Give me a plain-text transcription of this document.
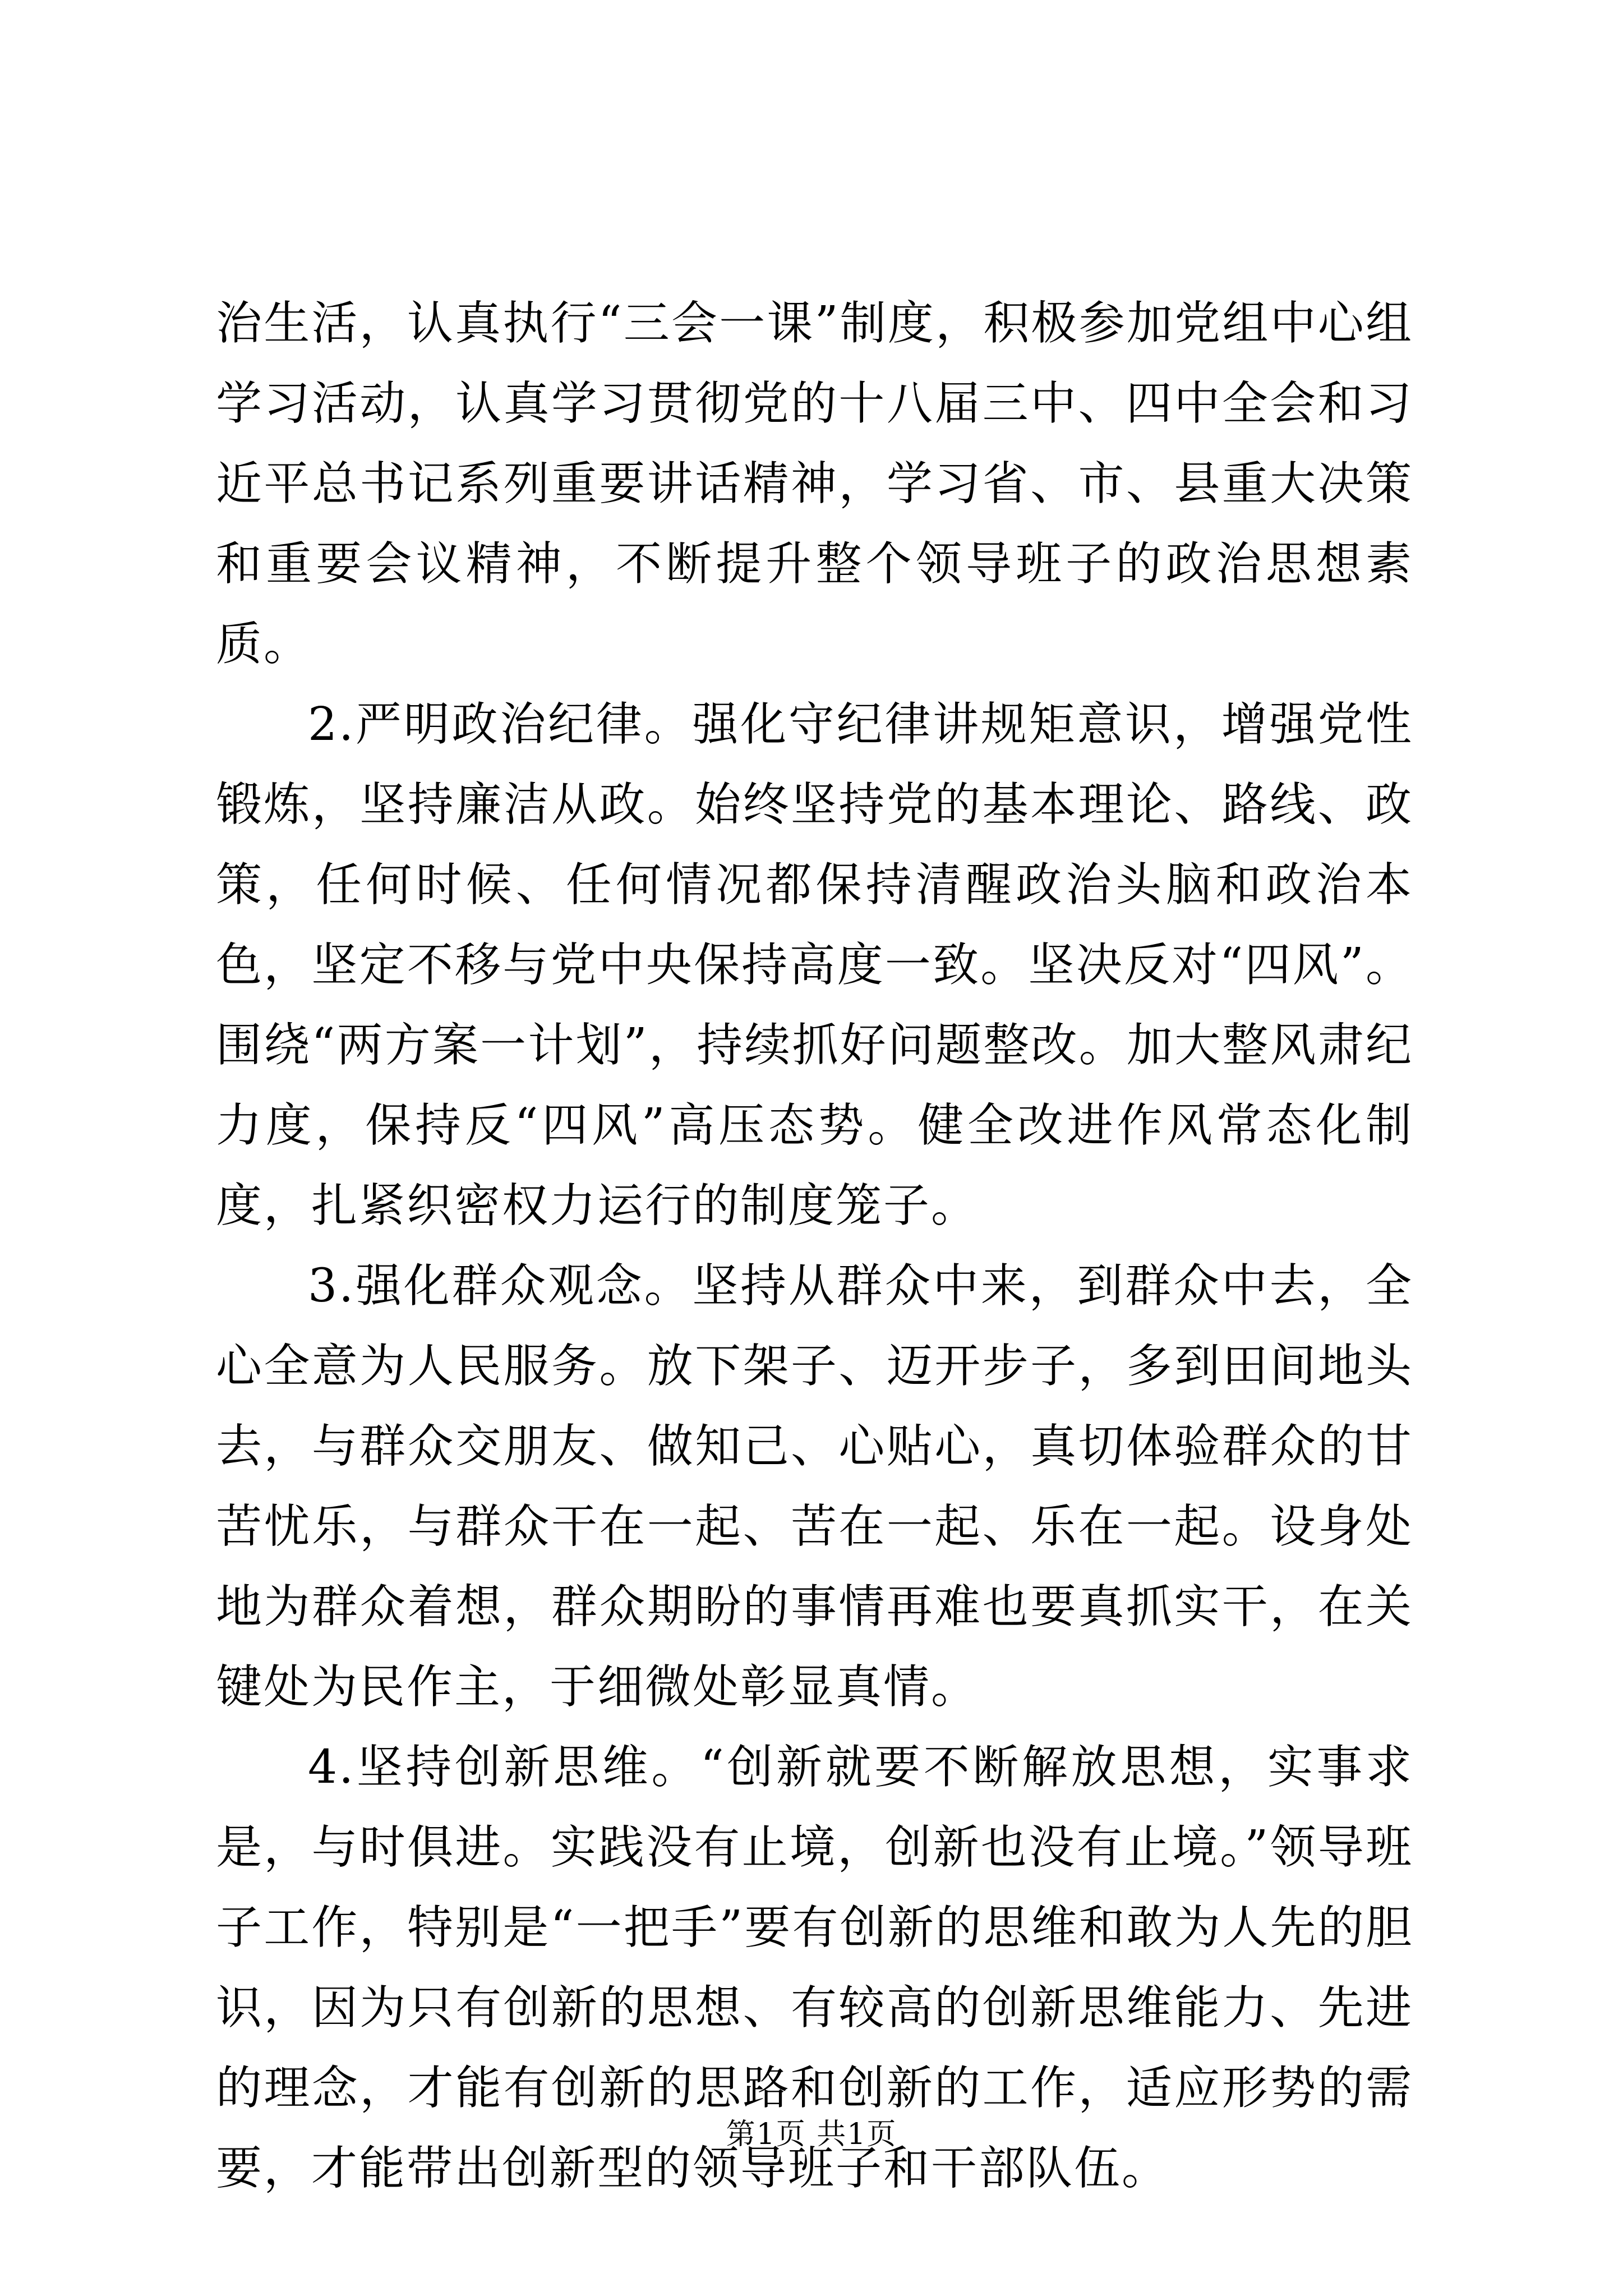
治生活，认真执行“三会一课”制度，积极参加党组中心组学习活动，认真学习贯彻党的十八届三中、四中全会和习近平总书记系列重要讲话精神，学习省、市、县重大决策和重要会议精神，不断提升整个领导班子的政治思想素质。

2.严明政治纪律。强化守纪律讲规矩意识，增强党性锻炼，坚持廉洁从政。始终坚持党的基本理论、路线、政策，任何时候、任何情况都保持清醒政治头脑和政治本色，坚定不移与党中央保持高度一致。坚决反对“四风”。围绕“两方案一计划”，持续抓好问题整改。加大整风肃纪力度，保持反“四风”高压态势。健全改进作风常态化制度，扎紧织密权力运行的制度笼子。

3.强化群众观念。坚持从群众中来，到群众中去，全心全意为人民服务。放下架子、迈开步子，多到田间地头去，与群众交朋友、做知己、心贴心，真切体验群众的甘苦忧乐，与群众干在一起、苦在一起、乐在一起。设身处地为群众着想，群众期盼的事情再难也要真抓实干，在关键处为民作主，于细微处彰显真情。

4.坚持创新思维。“创新就要不断解放思想，实事求是，与时俱进。实践没有止境，创新也没有止境。”领导班子工作，特别是“一把手”要有创新的思维和敢为人先的胆识，因为只有创新的思想、有较高的创新思维能力、先进的理念，才能有创新的思路和创新的工作，适应形势的需要，才能带出创新型的领导班子和干部队伍。

第1页 共1页
